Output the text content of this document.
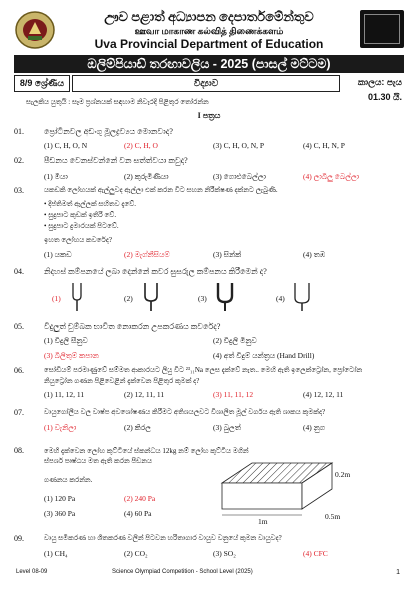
ඌව පළාත් අධ්‍යාපන දෙපාර්තමේන්තුව
ஊவா மாகாண கல்வித் திணைக்களம்
Uva Provincial Department of Education
ඔලිම්පියාඩ් තරඟාවලිය - 2025 (පාසල් මට්ටම)
8/9 ශ්‍රේණිය	විද්‍යාව	කාලය: පැය 01.30 යි.
සැලකිය යුතුයි : සෑම ප්‍රශ්නයක් සඳහාම නිවැරදි පිළිතුර තෝරන්න
I පත්‍රය
01.	ප්‍රෝටීනවල අඩංගු මූලද්‍රව්‍යය මොනවාද?
(1) C, H, O, N	(2) C, H, O	(3) C, H, O, N, P	(4) C, H, N, P
02.	පීඩනය වෙනස්වන්නේ වන සත්ත්වයා කවුද?
(1) මීයා	(2) කුරුමිණියා	(3) ගොළුබෙල්ලා	(4) ලාබිලු බෙල්ලා
03.	යකඩකි ලෝහයක් ඇල්ලුවද ඇල්ලා එක් කරන විට සහන නිරීක්ෂණ දක්නට ලැබුණි.
• දීප්තිමත් ඇල්ලක් සහිතව දැවේ.
• සුදුපාට කුඩක් ඉතිරි වේ.
• සුදුපාට දුමාරයක් පිටවේ.
ඉහත ලෝහය කවරේද?
(1) යකඩ	(2) මැග්නීසියම්	(3) සින්ක්	(4) තඹ
04.	නිදහස් කම්පනයේ ලබා දෙන්නේ කවර සුසරුල කම්පනය කිරීමෙන් ද?
(1)	(2)	(3)	(4)
05.	විදුලුත් චුම්බක භාවිත නොකරන උපකරණය කවරේද?
(1) විදුලි සීනුව	(2) විදුලි මිනුව
(3) බිලිතුම් කපාන	(4) අත් විදුම් යන්ත්‍රය (Hand Drill)
06.	සෝඩියම් පරමාණුවේ සම්මත ආකාරයට ලියු විට ²³₁₁Na ලෙස දැක්වේ නැත.. මෙහි ඇති ඉලෙක්ට්‍රෝන, ප්‍රෝටෝන
නියුට්‍රෝන ගණන පිළිවෙළින් දැක්වෙන පිළිතුර කුමක් ද?
(1) 11, 12, 11	(2) 12, 11, 11	(3) 11, 11, 12	(4) 12, 12, 11
07.	වායුගෝලීය වල වාෂ්ප අවශෝෂණය කිරීමට අතිශයලවට විශාලිත මූල් වර්ගය ඇති ශාකය කුමක්ද?
(1) වැනිලා	(2) කිරල	(3) බුලත්	(4) නුග
08.	මෙහි දැක්වෙන ලෝහ කුට්ටියේ ස්කන්ධය 12kg නම් ලෝහ කුට්ටිය මගින් ස්පර්ශ පෘෂ්ඨය මත ඇති කරන පීඩනය
ගණනය කරන්න.
(1) 120 Pa	(2) 240 Pa
(3) 360 Pa	(4) 60 Pa
0.2m
0.5m
1m
09.	වායු සමීකරණ හා ශීතකරණ වලින් පිටවන හරිතාගාර වායුව වනුයේ කුමන වායුවද?
(1) CH₄	(2) CO₂	(3) SO₂	(4) CFC
Level 08-09	Science Olympiad Competition - School Level (2025)	1
